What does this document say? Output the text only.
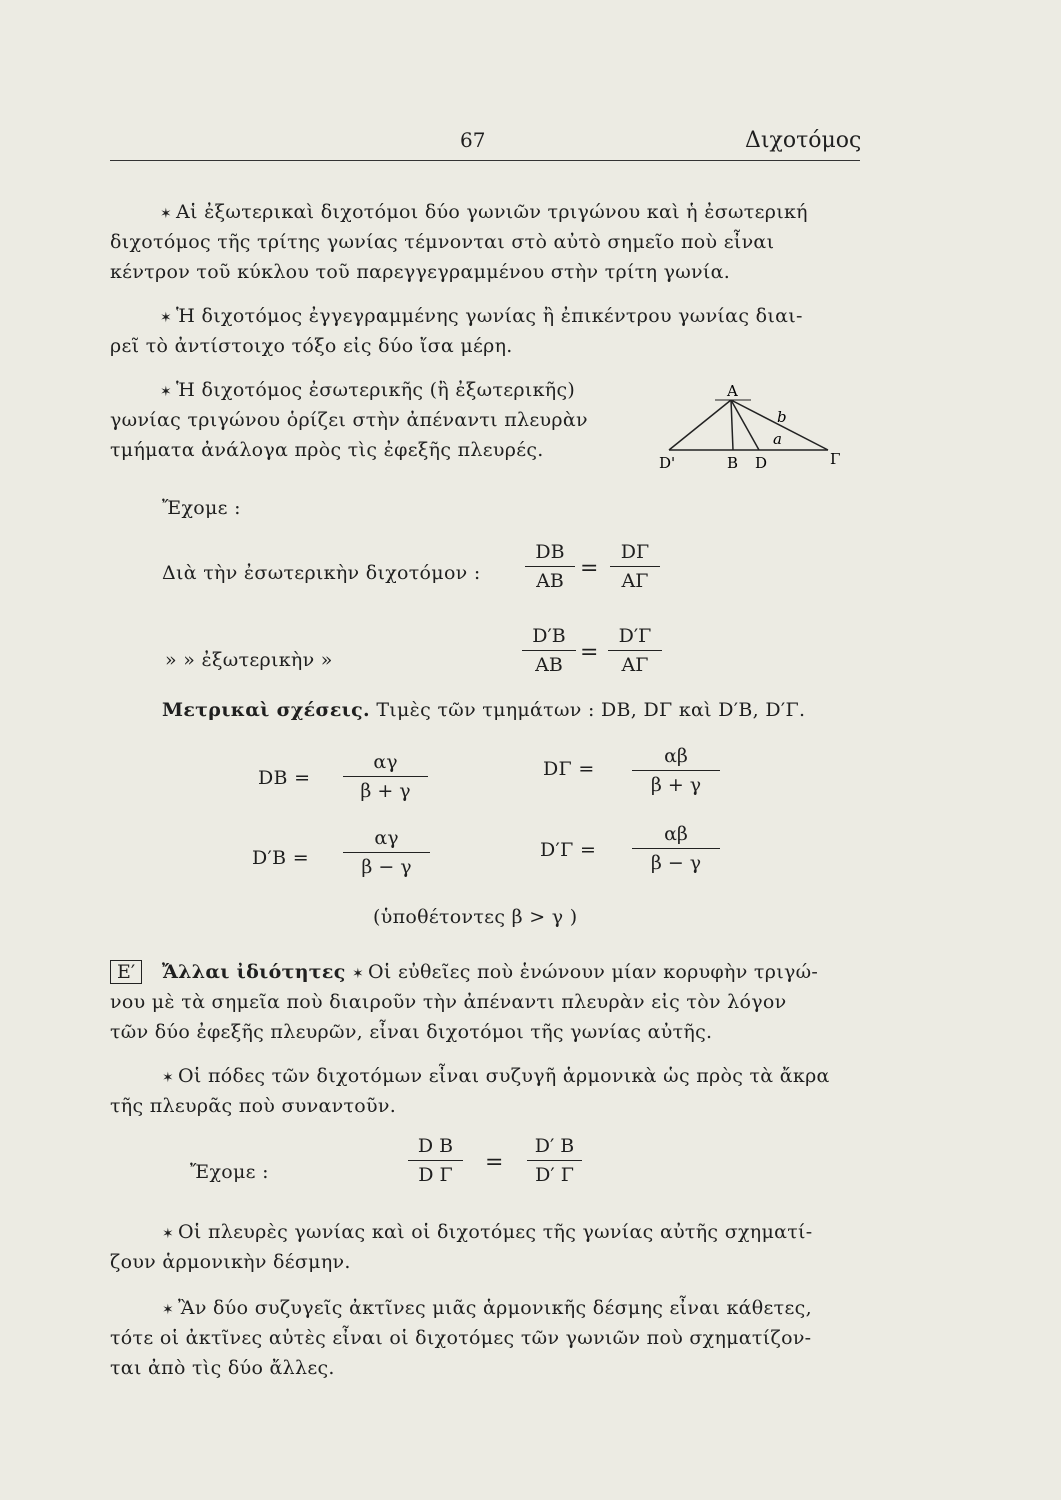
67	Διχοτόμος
✶ Αἱ ἐξωτερικαὶ διχοτόμοι δύο γωνιῶν τριγώνου καὶ ἡ ἐσωτερική
διχοτόμος τῆς τρίτης γωνίας τέμνονται στὸ αὐτὸ σημεῖο ποὺ εἶναι
κέντρον τοῦ κύκλου τοῦ παρεγγεγραμμένου στὴν τρίτη γωνία.
✶ Ἡ διχοτόμος ἐγγεγραμμένης γωνίας ἢ ἐπικέντρου γωνίας διαι-
ρεῖ τὸ ἀντίστοιχο τόξο εἰς δύο ἴσα μέρη.
✶ Ἡ διχοτόμος ἐσωτερικῆς (ἢ ἐξωτερικῆς)
γωνίας τριγώνου ὁρίζει στὴν ἀπέναντι πλευρὰν
τμήματα ἀνάλογα πρὸς τὶς ἐφεξῆς πλευρές.
A
b
a
D'	B D	Γ
Ἔχομε :
Διὰ τὴν ἐσωτερικὴν διχοτόμον :
DB
AB =
DΓ
AΓ
» » ἐξωτερικὴν »
D′B
AB =
D′Γ
AΓ
Μετρικαὶ σχέσεις. Τιμὲς τῶν τμημάτων : DB, DΓ καὶ D′B, D′Γ.
DB =
αγ
β + γ
DΓ =
αβ
β + γ
D′B =
αγ
β − γ
D′Γ =
αβ
β − γ
(ὑποθέτοντες β > γ )
Ε′	Ἄλλαι ἰδιότητες ✶ Οἱ εὐθεῖες ποὺ ἑνώνουν μίαν κορυφὴν τριγώ-
νου μὲ τὰ σημεῖα ποὺ διαιροῦν τὴν ἀπέναντι πλευρὰν εἰς τὸν λόγον
τῶν δύο ἐφεξῆς πλευρῶν, εἶναι διχοτόμοι τῆς γωνίας αὐτῆς.
✶ Οἱ πόδες τῶν διχοτόμων εἶναι συζυγῆ ἁρμονικὰ ὡς πρὸς τὰ ἄκρα
τῆς πλευρᾶς ποὺ συναντοῦν.
Ἔχομε :
D B
D Γ	=
D′ B
D′ Γ
✶ Οἱ πλευρὲς γωνίας καὶ οἱ διχοτόμες τῆς γωνίας αὐτῆς σχηματί-
ζουν ἁρμονικὴν δέσμην.
✶ Ἂν δύο συζυγεῖς ἀκτῖνες μιᾶς ἁρμονικῆς δέσμης εἶναι κάθετες,
τότε οἱ ἀκτῖνες αὐτὲς εἶναι οἱ διχοτόμες τῶν γωνιῶν ποὺ σχηματίζον-
ται ἀπὸ τὶς δύο ἄλλες.
